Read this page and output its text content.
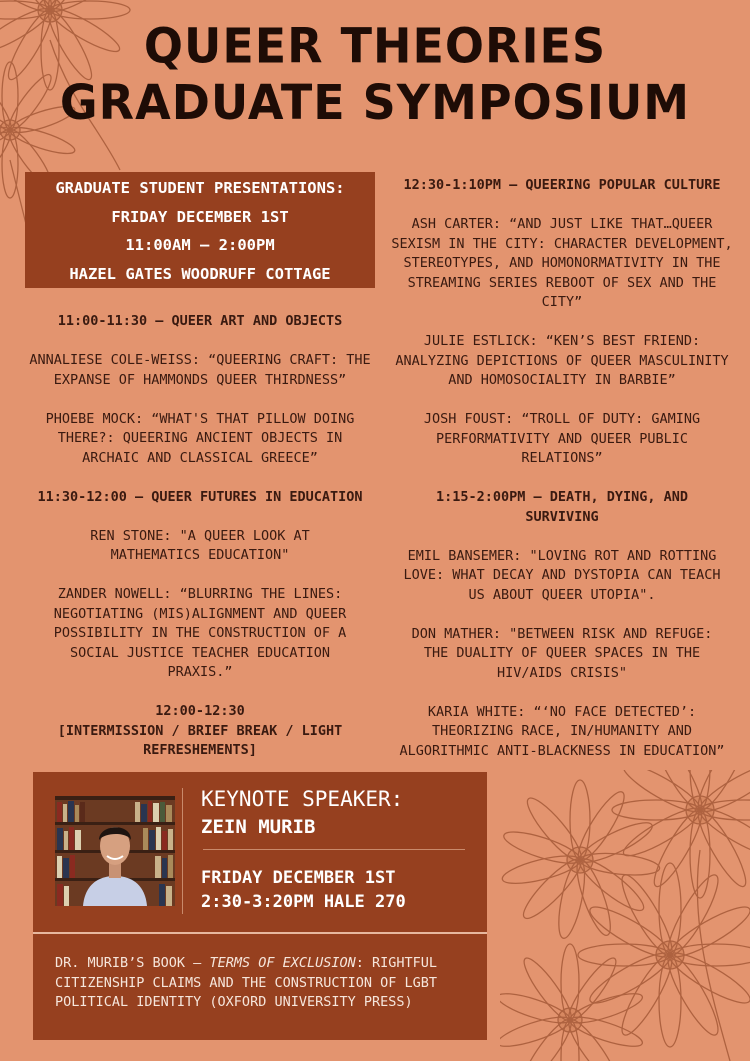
QUEER THEORIES
GRADUATE SYMPOSIUM
GRADUATE STUDENT PRESENTATIONS:
FRIDAY DECEMBER 1ST
11:00AM – 2:00PM
HAZEL GATES WOODRUFF COTTAGE
11:00-11:30 – QUEER ART AND OBJECTS
ANNALIESE COLE-WEISS: “QUEERING CRAFT: THE EXPANSE OF HAMMONDS QUEER THIRDNESS”
PHOEBE MOCK: “WHAT'S THAT PILLOW DOING THERE?: QUEERING ANCIENT OBJECTS IN ARCHAIC AND CLASSICAL GREECE”
11:30-12:00 – QUEER FUTURES IN EDUCATION
REN STONE: "A QUEER LOOK AT MATHEMATICS EDUCATION"
ZANDER NOWELL: “BLURRING THE LINES: NEGOTIATING (MIS)ALIGNMENT AND QUEER POSSIBILITY IN THE CONSTRUCTION OF A SOCIAL JUSTICE TEACHER EDUCATION PRAXIS.”
12:00-12:30
[INTERMISSION / BRIEF BREAK / LIGHT REFRESHEMENTS]
12:30-1:10PM – QUEERING POPULAR CULTURE
ASH CARTER: “AND JUST LIKE THAT…QUEER SEXISM IN THE CITY: CHARACTER DEVELOPMENT, STEREOTYPES, AND HOMONORMATIVITY IN THE STREAMING SERIES REBOOT OF SEX AND THE CITY”
JULIE ESTLICK: “KEN’S BEST FRIEND: ANALYZING DEPICTIONS OF QUEER MASCULINITY AND HOMOSOCIALITY IN BARBIE”
JOSH FOUST: “TROLL OF DUTY: GAMING PERFORMATIVITY AND QUEER PUBLIC RELATIONS”
1:15-2:00PM – DEATH, DYING, AND SURVIVING
EMIL BANSEMER: "LOVING ROT AND ROTTING LOVE: WHAT DECAY AND DYSTOPIA CAN TEACH US ABOUT QUEER UTOPIA".
DON MATHER: "BETWEEN RISK AND REFUGE: THE DUALITY OF QUEER SPACES IN THE HIV/AIDS CRISIS"
KARIA WHITE: “‘NO FACE DETECTED’: THEORIZING RACE, IN/HUMANITY AND ALGORITHMIC ANTI-BLACKNESS IN EDUCATION”
KEYNOTE SPEAKER:
ZEIN MURIB
FRIDAY DECEMBER 1ST
2:30-3:20PM HALE 270
DR. MURIB’S BOOK – TERMS OF EXCLUSION: RIGHTFUL CITIZENSHIP CLAIMS AND THE CONSTRUCTION OF LGBT POLITICAL IDENTITY (OXFORD UNIVERSITY PRESS)
